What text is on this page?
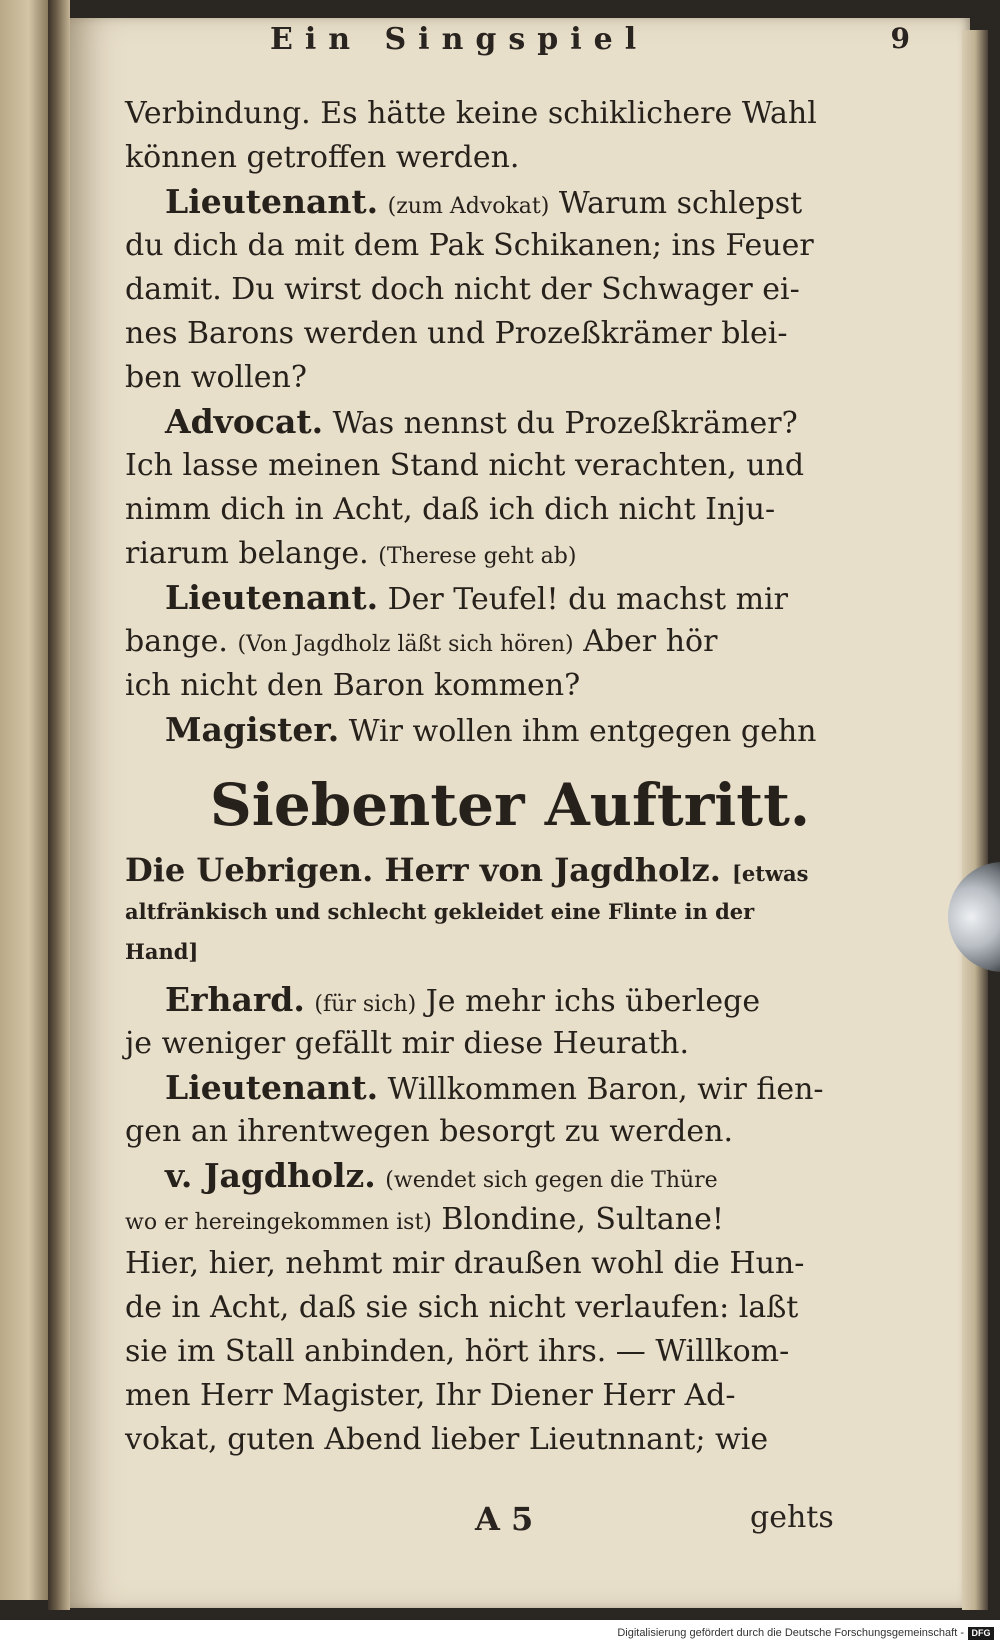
Ein Singspiel	9
Verbindung. Es hätte keine schiklichere Wahl
können getroffen werden.
Lieutenant. (zum Advokat) Warum schlepst
du dich da mit dem Pak Schikanen; ins Feuer
damit. Du wirst doch nicht der Schwager ei-
nes Barons werden und Prozeßkrämer blei-
ben wollen?
Advocat. Was nennst du Prozeßkrämer?
Ich lasse meinen Stand nicht verachten, und
nimm dich in Acht, daß ich dich nicht Inju-
riarum belange. (Therese geht ab)
Lieutenant. Der Teufel! du machst mir
bange. (Von Jagdholz läßt sich hören) Aber hör
ich nicht den Baron kommen?
Magister. Wir wollen ihm entgegen gehn
Siebenter Auftritt.
Die Uebrigen. Herr von Jagdholz. [etwas
altfränkisch und schlecht gekleidet eine Flinte in der
Hand]
Erhard. (für sich) Je mehr ichs überlege
je weniger gefällt mir diese Heurath.
Lieutenant. Willkommen Baron, wir fien-
gen an ihrentwegen besorgt zu werden.
v. Jagdholz. (wendet sich gegen die Thüre
wo er hereingekommen ist) Blondine, Sultane!
Hier, hier, nehmt mir draußen wohl die Hun-
de in Acht, daß sie sich nicht verlaufen: laßt
sie im Stall anbinden, hört ihrs. — Willkom-
men Herr Magister, Ihr Diener Herr Ad-
vokat, guten Abend lieber Lieutnnant; wie
A 5	gehts
Digitalisierung gefördert durch die Deutsche Forschungsgemeinschaft - DFG
